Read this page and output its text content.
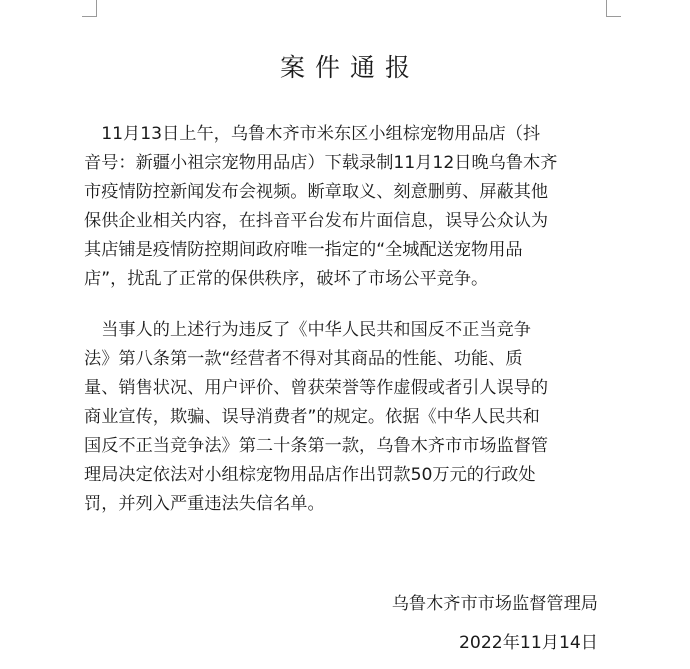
案件通报
　11月13日上午，乌鲁木齐市米东区小组棕宠物用品店（抖
音号：新疆小祖宗宠物用品店）下载录制11月12日晚乌鲁木齐
市疫情防控新闻发布会视频。断章取义、刻意删剪、屏蔽其他
保供企业相关内容，在抖音平台发布片面信息，误导公众认为
其店铺是疫情防控期间政府唯一指定的“全城配送宠物用品
店”，扰乱了正常的保供秩序，破坏了市场公平竞争。
　当事人的上述行为违反了《中华人民共和国反不正当竞争
法》第八条第一款“经营者不得对其商品的性能、功能、质
量、销售状况、用户评价、曾获荣誉等作虚假或者引人误导的
商业宣传，欺骗、误导消费者”的规定。依据《中华人民共和
国反不正当竞争法》第二十条第一款，乌鲁木齐市市场监督管
理局决定依法对小组棕宠物用品店作出罚款50万元的行政处
罚，并列入严重违法失信名单。
乌鲁木齐市市场监督管理局
2022年11月14日
